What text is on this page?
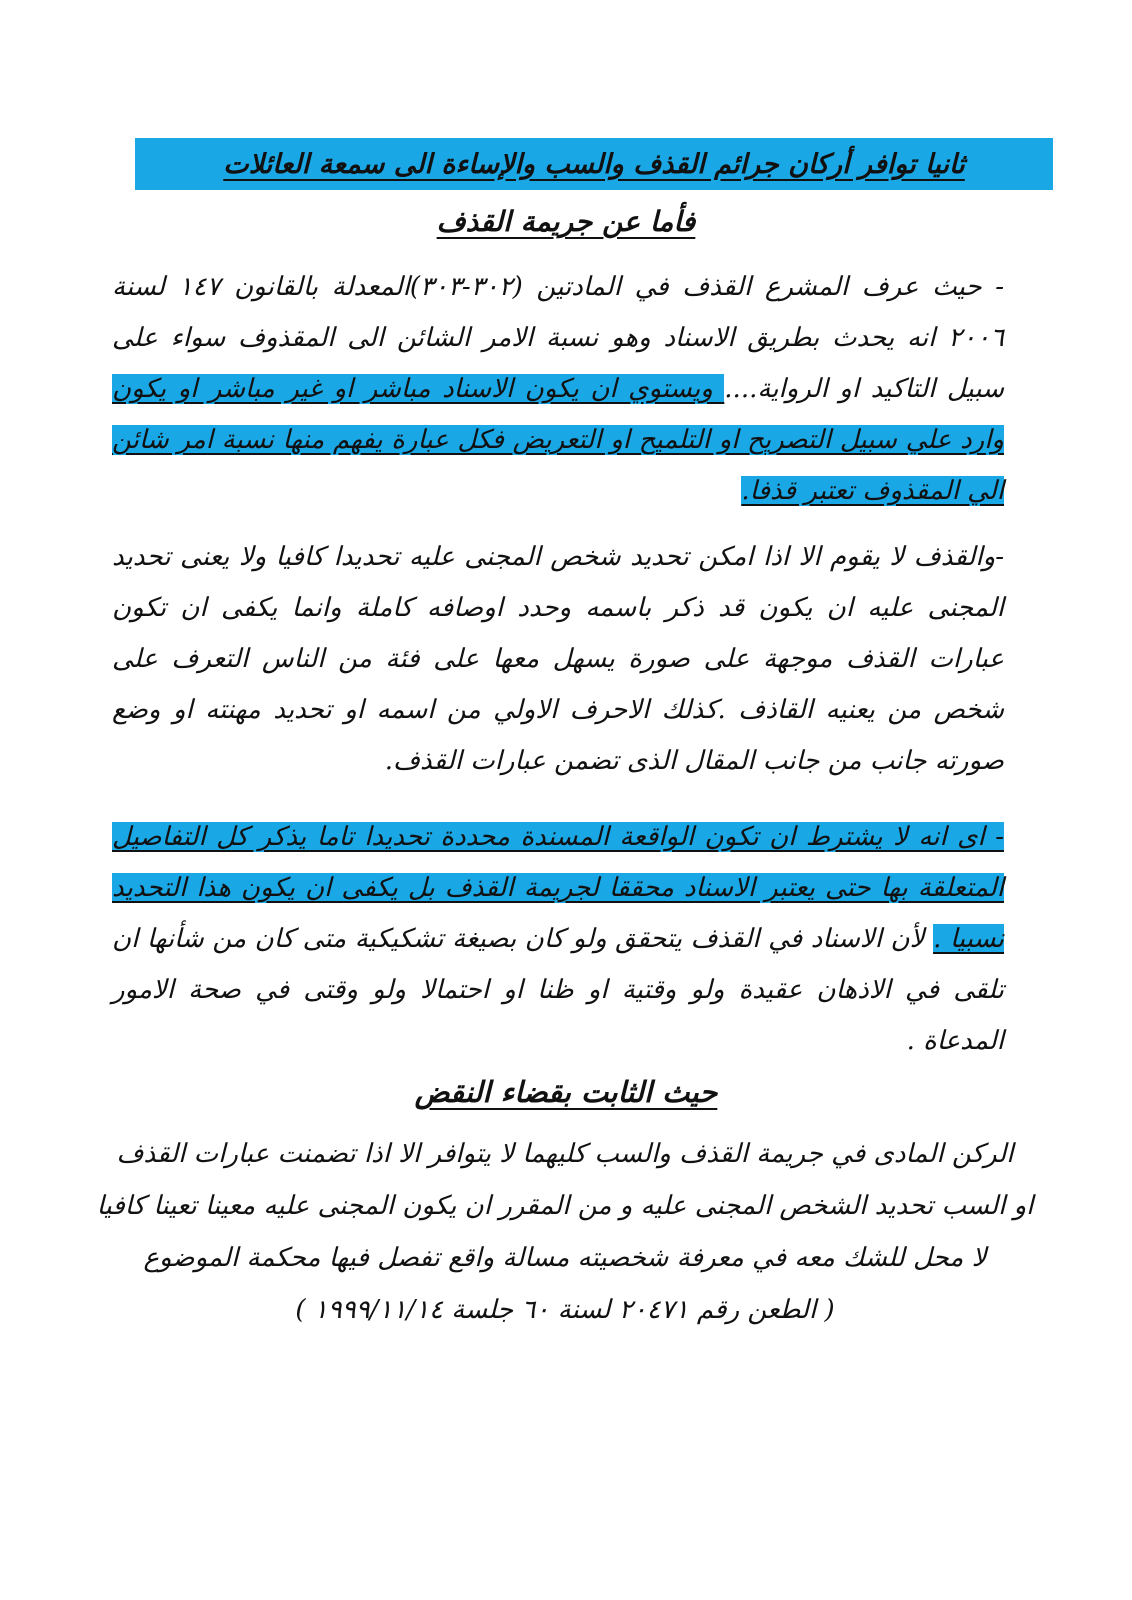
ثانيا توافر أركان جرائم القذف والسب والإساءة الى سمعة العائلات
فأما عن جريمة القذف
- حيث عرف المشرع القذف في المادتين (٣٠٢-٣٠٣)المعدلة بالقانون ١٤٧ لسنة ٢٠٠٦ انه يحدث بطريق الاسناد وهو نسبة الامر الشائن الى المقذوف سواء على سبيل التاكيد او الرواية.... ويستوي ان يكون الاسناد مباشر او غير مباشر او يكون وارد علي سبيل التصريح او التلميح او التعريض فكل عبارة يفهم منها نسبة امر شائن الي المقذوف تعتبر قذفا.
-والقذف لا يقوم الا اذا امكن تحديد شخص المجنى عليه تحديدا كافيا ولا يعنى تحديد المجنى عليه ان يكون قد ذكر باسمه وحدد اوصافه كاملة وانما يكفى ان تكون عبارات القذف موجهة على صورة يسهل معها على فئة من الناس التعرف على شخص من يعنيه القاذف .كذلك الاحرف الاولي من اسمه او تحديد مهنته او وضع صورته جانب من جانب المقال الذى تضمن عبارات القذف.
- اى انه لا يشترط ان تكون الواقعة المسندة محددة تحديدا تاما يذكر كل التفاصيل المتعلقة بها حتى يعتبر الاسناد محققا لجريمة القذف بل يكفى ان يكون هذا التحديد نسبيا . لأن الاسناد في القذف يتحقق ولو كان بصيغة تشكيكية متى كان من شأنها ان تلقى في الاذهان عقيدة ولو وقتية او ظنا او احتمالا ولو وقتى في صحة الامور المدعاة .
حيث الثابت بقضاء النقض
الركن المادى في جريمة القذف والسب كليهما لا يتوافر الا اذا تضمنت عبارات القذف
او السب تحديد الشخص المجنى عليه و من المقرر ان يكون المجنى عليه معينا تعينا كافيا
لا محل للشك معه في معرفة شخصيته مسالة واقع تفصل فيها محكمة الموضوع
( الطعن رقم ٢٠٤٧١ لسنة ٦٠ جلسة ١٩٩٩/١١/١٤ )
